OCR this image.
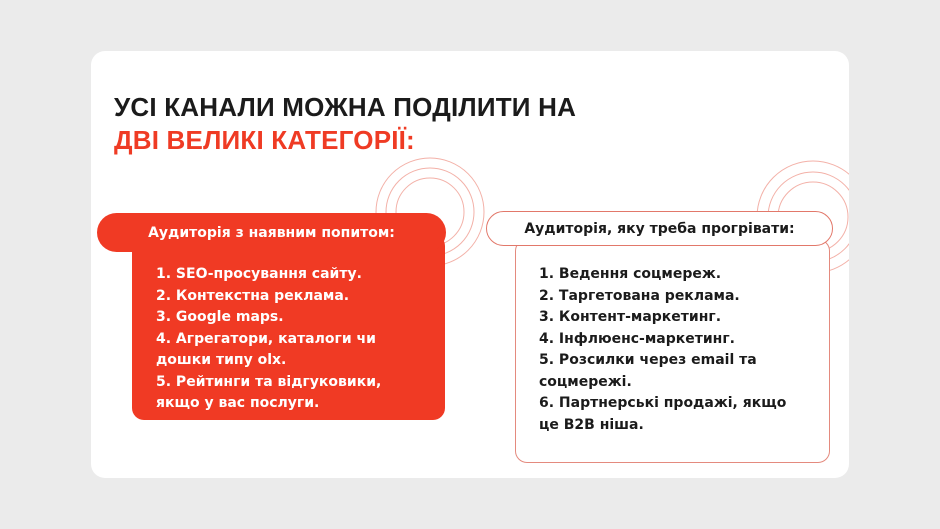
УСІ КАНАЛИ МОЖНА ПОДІЛИТИ НА
ДВІ ВЕЛИКІ КАТЕГОРІЇ:
1. SEO-просування сайту.
2. Контекстна реклама.
3. Google maps.
4. Агрегатори, каталоги чи
дошки типу olx.
5. Рейтинги та відгуковики,
якщо у вас послуги.
Аудиторія з наявним попитом:
1. Ведення соцмереж.
2. Таргетована реклама.
3. Контент-маркетинг.
4. Інфлюенс-маркетинг.
5. Розсилки через email та
соцмережі.
6. Партнерські продажі, якщо
це B2B ніша.
Аудиторія, яку треба прогрівати:
